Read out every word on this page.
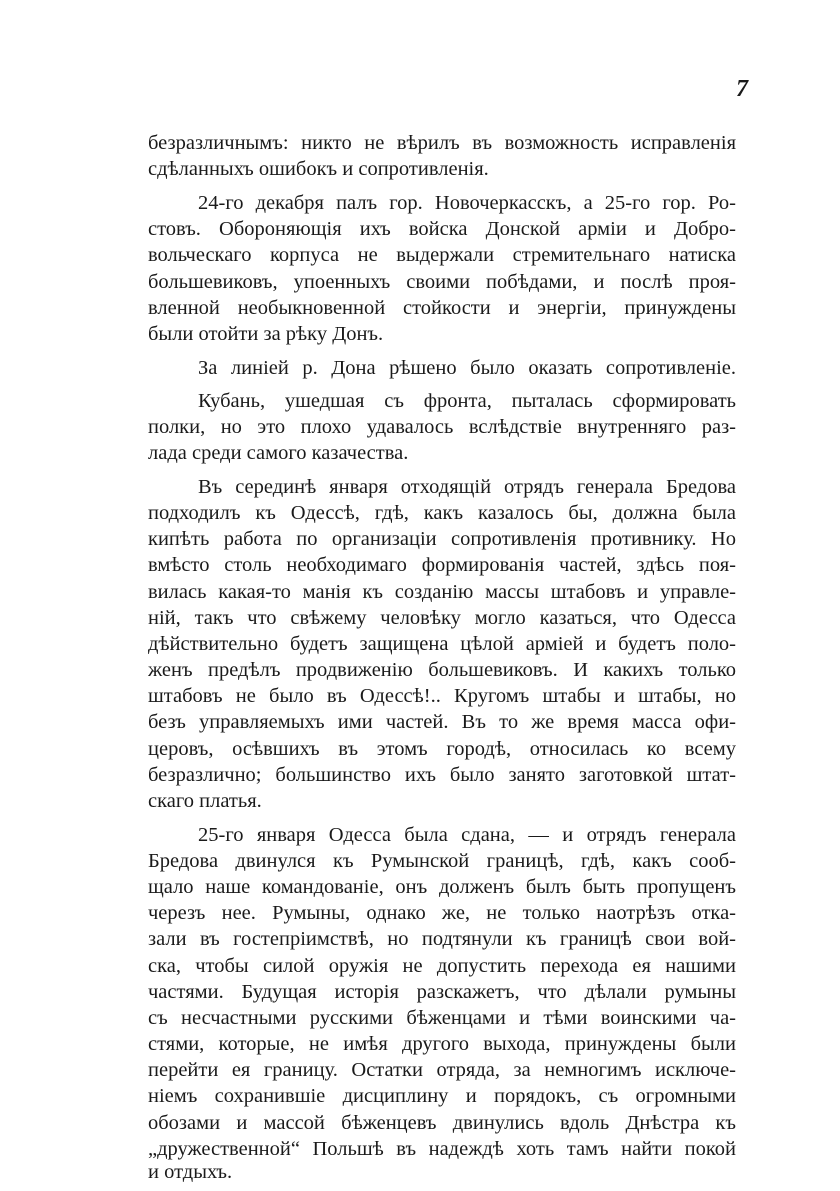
7
безразличнымъ: никто не вѣрилъ въ возможность исправленія
сдѣланныхъ ошибокъ и сопротивленія.
24-го декабря палъ гор. Новочеркасскъ, а 25-го гор. Ро-
стовъ. Обороняющія ихъ войска Донской арміи и Добро-
вольческаго корпуса не выдержали стремительнаго натиска
большевиковъ, упоенныхъ своими побѣдами, и послѣ проя-
вленной необыкновенной стойкости и энергіи, принуждены
были отойти за рѣку Донъ.
За линіей р. Дона рѣшено было оказать сопротивленіе.
Кубань, ушедшая съ фронта, пыталась сформировать
полки, но это плохо удавалось вслѣдствіе внутренняго раз-
лада среди самого казачества.
Въ серединѣ января отходящій отрядъ генерала Бредова
подходилъ къ Одессѣ, гдѣ, какъ казалось бы, должна была
кипѣть работа по организаціи сопротивленія противнику. Но
вмѣсто столь необходимаго формированія частей, здѣсь поя-
вилась какая-то манія къ созданію массы штабовъ и управле-
ній, такъ что свѣжему человѣку могло казаться, что Одесса
дѣйствительно будетъ защищена цѣлой арміей и будетъ поло-
женъ предѣлъ продвиженію большевиковъ. И какихъ только
штабовъ не было въ Одессѣ!.. Кругомъ штабы и штабы, но
безъ управляемыхъ ими частей. Въ то же время масса офи-
церовъ, осѣвшихъ въ этомъ городѣ, относилась ко всему
безразлично; большинство ихъ было занято заготовкой штат-
скаго платья.
25-го января Одесса была сдана, — и отрядъ генерала
Бредова двинулся къ Румынской границѣ, гдѣ, какъ сооб-
щало наше командованіе, онъ долженъ былъ быть пропущенъ
черезъ нее. Румыны, однако же, не только наотрѣзъ отка-
зали въ гостепріимствѣ, но подтянули къ границѣ свои вой-
ска, чтобы силой оружія не допустить перехода ея нашими
частями. Будущая исторія разскажетъ, что дѣлали румыны
съ несчастными русскими бѣженцами и тѣми воинскими ча-
стями, которые, не имѣя другого выхода, принуждены были
перейти ея границу. Остатки отряда, за немногимъ исключе-
ніемъ сохранившіе дисциплину и порядокъ, съ огромными
обозами и массой бѣженцевъ двинулись вдоль Днѣстра къ
„дружественной“ Польшѣ въ надеждѣ хоть тамъ найти покой
и отдыхъ.
